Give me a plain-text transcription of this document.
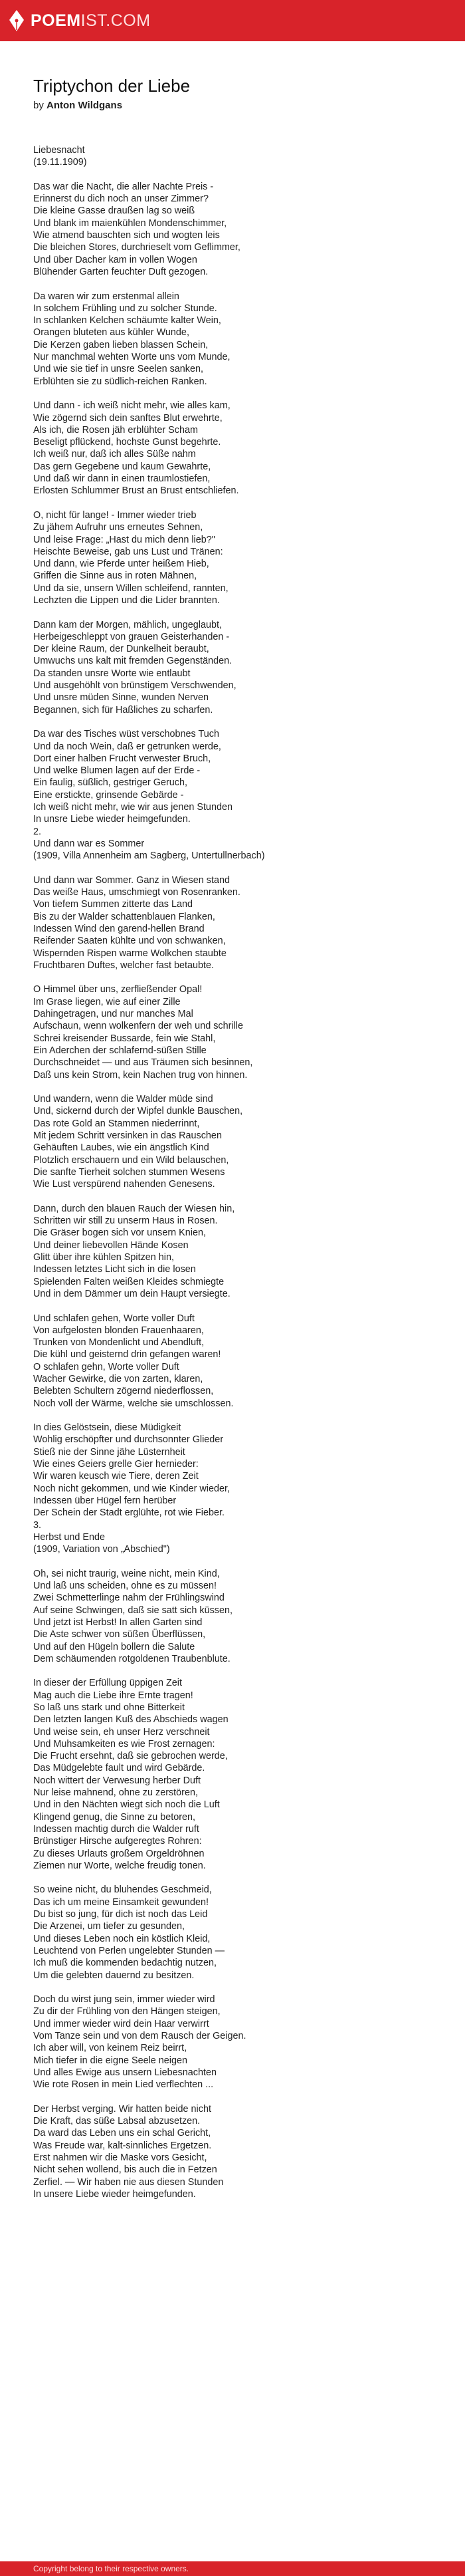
POEMIST.COM
Triptychon der Liebe
by Anton Wildgans
Liebesnacht
(19.11.1909)
Das war die Nacht, die aller Nachte Preis -
Erinnerst du dich noch an unser Zimmer?
Die kleine Gasse draußen lag so weiß
Und blank im maienkühlen Mondenschimmer,
Wie atmend bauschten sich und wogten leis
Die bleichen Stores, durchrieselt vom Geflimmer,
Und über Dacher kam in vollen Wogen
Blühender Garten feuchter Duft gezogen.
Da waren wir zum erstenmal allein
In solchem Frühling und zu solcher Stunde.
In schlanken Kelchen schäumte kalter Wein,
Orangen bluteten aus kühler Wunde,
Die Kerzen gaben lieben blassen Schein,
Nur manchmal wehten Worte uns vom Munde,
Und wie sie tief in unsre Seelen sanken,
Erblühten sie zu südlich-reichen Ranken.
Und dann - ich weiß nicht mehr, wie alles kam,
Wie zögernd sich dein sanftes Blut erwehrte,
Als ich, die Rosen jäh erblühter Scham
Beseligt pflückend, hochste Gunst begehrte.
Ich weiß nur, daß ich alles Süße nahm
Das gern Gegebene und kaum Gewahrte,
Und daß wir dann in einen traumlostiefen,
Erlosten Schlummer Brust an Brust entschliefen.
O, nicht für lange! - Immer wieder trieb
Zu jähem Aufruhr uns erneutes Sehnen,
Und leise Frage: „Hast du mich denn lieb?"
Heischte Beweise, gab uns Lust und Tränen:
Und dann, wie Pferde unter heißem Hieb,
Griffen die Sinne aus in roten Mähnen,
Und da sie, unsern Willen schleifend, rannten,
Lechzten die Lippen und die Lider brannten.
Dann kam der Morgen, mählich, ungeglaubt,
Herbeigeschleppt von grauen Geisterhanden -
Der kleine Raum, der Dunkelheit beraubt,
Umwuchs uns kalt mit fremden Gegenständen.
Da standen unsre Worte wie entlaubt
Und ausgehöhlt von brünstigem Verschwenden,
Und unsre müden Sinne, wunden Nerven
Begannen, sich für Haßliches zu scharfen.
Da war des Tisches wüst verschobnes Tuch
Und da noch Wein, daß er getrunken werde,
Dort einer halben Frucht verwester Bruch,
Und welke Blumen lagen auf der Erde -
Ein faulig, süßlich, gestriger Geruch,
Eine erstickte, grinsende Gebärde -
Ich weiß nicht mehr, wie wir aus jenen Stunden
In unsre Liebe wieder heimgefunden.
2.
Und dann war es Sommer
(1909, Villa Annenheim am Sagberg, Untertullnerbach)
Und dann war Sommer. Ganz in Wiesen stand
Das weiße Haus, umschmiegt von Rosenranken.
Von tiefem Summen zitterte das Land
Bis zu der Walder schattenblauen Flanken,
Indessen Wind den garend-hellen Brand
Reifender Saaten kühlte und von schwanken,
Wispernden Rispen warme Wolkchen staubte
Fruchtbaren Duftes, welcher fast betaubte.
O Himmel über uns, zerfließender Opal!
Im Grase liegen, wie auf einer Zille
Dahingetragen, und nur manches Mal
Aufschaun, wenn wolkenfern der weh und schrille
Schrei kreisender Bussarde, fein wie Stahl,
Ein Aderchen der schlafernd-süßen Stille
Durchschneidet — und aus Träumen sich besinnen,
Daß uns kein Strom, kein Nachen trug von hinnen.
Und wandern, wenn die Walder müde sind
Und, sickernd durch der Wipfel dunkle Bauschen,
Das rote Gold an Stammen niederrinnt,
Mit jedem Schritt versinken in das Rauschen
Gehäuften Laubes, wie ein ängstlich Kind
Plotzlich erschauern und ein Wild belauschen,
Die sanfte Tierheit solchen stummen Wesens
Wie Lust verspürend nahenden Genesens.
Dann, durch den blauen Rauch der Wiesen hin,
Schritten wir still zu unserm Haus in Rosen.
Die Gräser bogen sich vor unsern Knien,
Und deiner liebevollen Hände Kosen
Glitt über ihre kühlen Spitzen hin,
Indessen letztes Licht sich in die losen
Spielenden Falten weißen Kleides schmiegte
Und in dem Dämmer um dein Haupt versiegte.
Und schlafen gehen, Worte voller Duft
Von aufgelosten blonden Frauenhaaren,
Trunken von Mondenlicht und Abendluft,
Die kühl und geisternd drin gefangen waren!
O schlafen gehn, Worte voller Duft
Wacher Gewirke, die von zarten, klaren,
Belebten Schultern zögernd niederflossen,
Noch voll der Wärme, welche sie umschlossen.
In dies Gelöstsein, diese Müdigkeit
Wohlig erschöpfter und durchsonnter Glieder
Stieß nie der Sinne jähe Lüsternheit
Wie eines Geiers grelle Gier hernieder:
Wir waren keusch wie Tiere, deren Zeit
Noch nicht gekommen, und wie Kinder wieder,
Indessen über Hügel fern herüber
Der Schein der Stadt erglühte, rot wie Fieber.
3.
Herbst und Ende
(1909, Variation von „Abschied")
Oh, sei nicht traurig, weine nicht, mein Kind,
Und laß uns scheiden, ohne es zu müssen!
Zwei Schmetterlinge nahm der Frühlingswind
Auf seine Schwingen, daß sie satt sich küssen,
Und jetzt ist Herbst! In allen Garten sind
Die Aste schwer von süßen Überflüssen,
Und auf den Hügeln bollern die Salute
Dem schäumenden rotgoldenen Traubenblute.
In dieser der Erfüllung üppigen Zeit
Mag auch die Liebe ihre Ernte tragen!
So laß uns stark und ohne Bitterkeit
Den letzten langen Kuß des Abschieds wagen
Und weise sein, eh unser Herz verschneit
Und Muhsamkeiten es wie Frost zernagen:
Die Frucht ersehnt, daß sie gebrochen werde,
Das Müdgelebte fault und wird Gebärde.
Noch wittert der Verwesung herber Duft
Nur leise mahnend, ohne zu zerstören,
Und in den Nächten wiegt sich noch die Luft
Klingend genug, die Sinne zu betoren,
Indessen machtig durch die Walder ruft
Brünstiger Hirsche aufgeregtes Rohren:
Zu dieses Urlauts großem Orgeldröhnen
Ziemen nur Worte, welche freudig tonen.
So weine nicht, du bluhendes Geschmeid,
Das ich um meine Einsamkeit gewunden!
Du bist so jung, für dich ist noch das Leid
Die Arzenei, um tiefer zu gesunden,
Und dieses Leben noch ein köstlich Kleid,
Leuchtend von Perlen ungelebter Stunden —
Ich muß die kommenden bedachtig nutzen,
Um die gelebten dauernd zu besitzen.
Doch du wirst jung sein, immer wieder wird
Zu dir der Frühling von den Hängen steigen,
Und immer wieder wird dein Haar verwirrt
Vom Tanze sein und von dem Rausch der Geigen.
Ich aber will, von keinem Reiz beirrt,
Mich tiefer in die eigne Seele neigen
Und alles Ewige aus unsern Liebesnachten
Wie rote Rosen in mein Lied verflechten ...
Der Herbst verging. Wir hatten beide nicht
Die Kraft, das süße Labsal abzusetzen.
Da ward das Leben uns ein schal Gericht,
Was Freude war, kalt-sinnliches Ergetzen.
Erst nahmen wir die Maske vors Gesicht,
Nicht sehen wollend, bis auch die in Fetzen
Zerfiel. — Wir haben nie aus diesen Stunden
In unsere Liebe wieder heimgefunden.
Copyright belong to their respective owners.
